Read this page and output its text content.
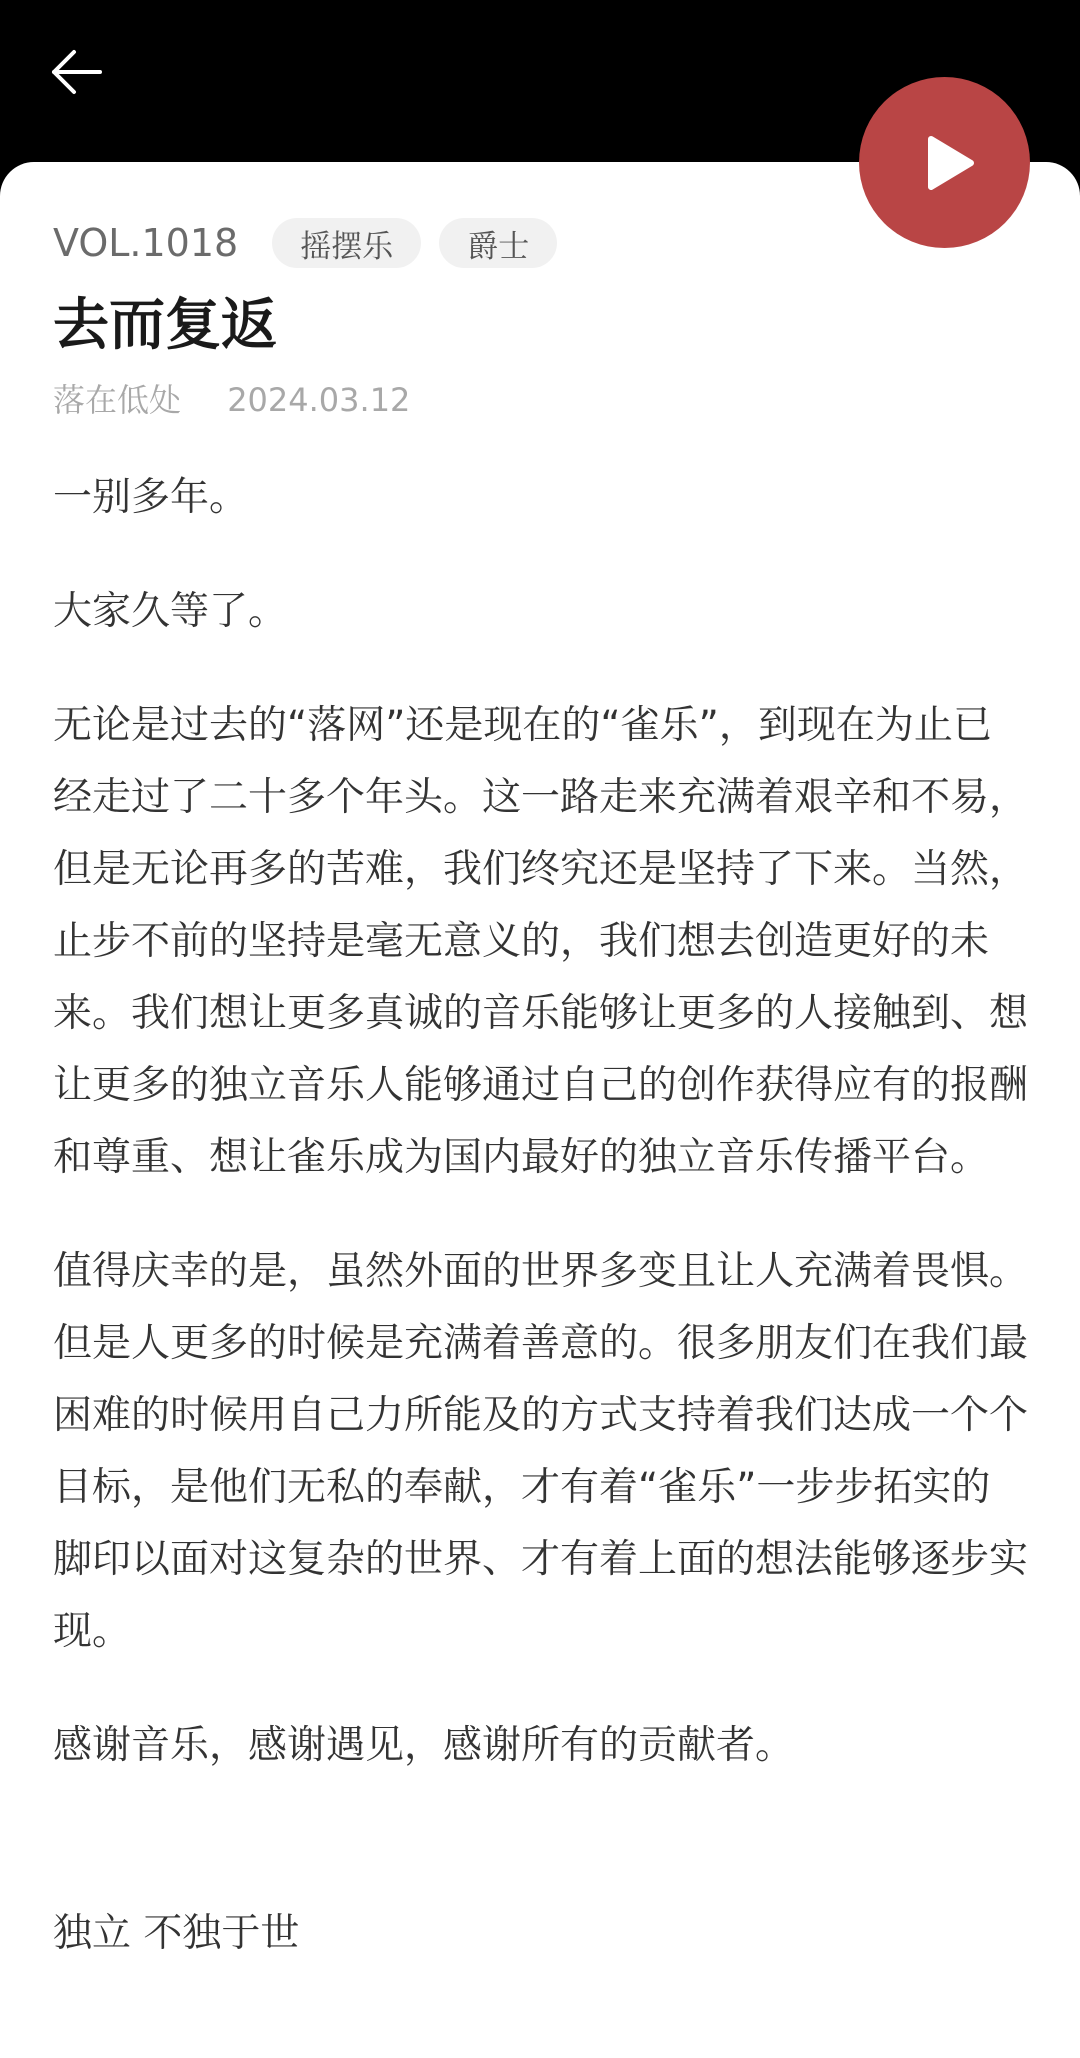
VOL.1018	摇摆乐	爵士
去而复返
落在低处 2024.03.12

一别多年。

大家久等了。

无论是过去的“落网”还是现在的“雀乐”，到现在为止已经走过了二十多个年头。这一路走来充满着艰辛和不易，但是无论再多的苦难，我们终究还是坚持了下来。当然，止步不前的坚持是毫无意义的，我们想去创造更好的未来。我们想让更多真诚的音乐能够让更多的人接触到、想让更多的独立音乐人能够通过自己的创作获得应有的报酬和尊重、想让雀乐成为国内最好的独立音乐传播平台。

值得庆幸的是，虽然外面的世界多变且让人充满着畏惧。但是人更多的时候是充满着善意的。很多朋友们在我们最困难的时候用自己力所能及的方式支持着我们达成一个个目标，是他们无私的奉献，才有着“雀乐”一步步拓实的脚印以面对这复杂的世界、才有着上面的想法能够逐步实现。

感谢音乐，感谢遇见，感谢所有的贡献者。

独立 不独于世
